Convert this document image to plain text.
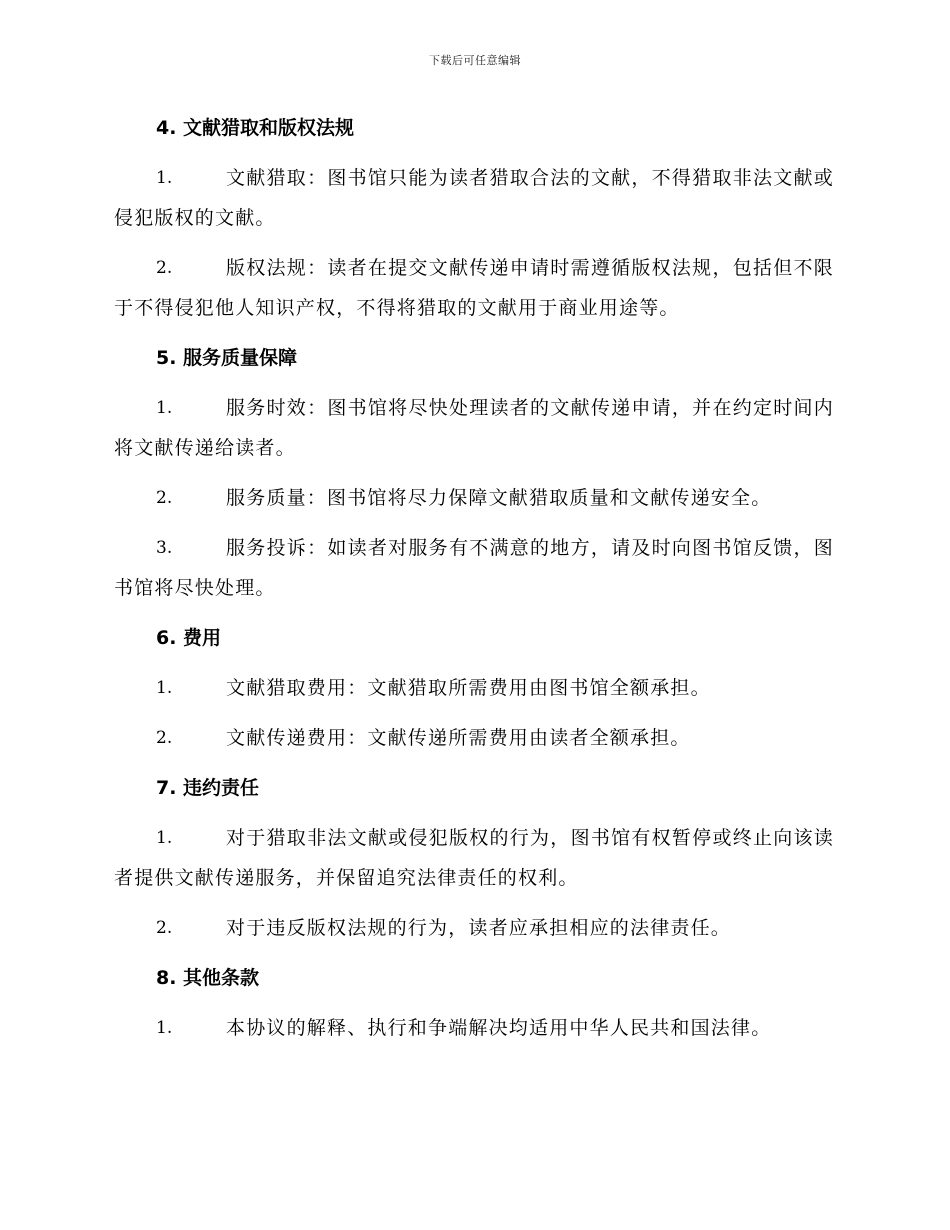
下载后可任意编辑
4. 文献猎取和版权法规
1.	文献猎取：图书馆只能为读者猎取合法的文献，不得猎取非法文献或侵犯版权的文献。
2.	版权法规：读者在提交文献传递申请时需遵循版权法规，包括但不限于不得侵犯他人知识产权，不得将猎取的文献用于商业用途等。
5. 服务质量保障
1.	服务时效：图书馆将尽快处理读者的文献传递申请，并在约定时间内将文献传递给读者。
2.	服务质量：图书馆将尽力保障文献猎取质量和文献传递安全。
3.	服务投诉：如读者对服务有不满意的地方，请及时向图书馆反馈，图书馆将尽快处理。
6. 费用
1.	文献猎取费用：文献猎取所需费用由图书馆全额承担。
2.	文献传递费用：文献传递所需费用由读者全额承担。
7. 违约责任
1.	对于猎取非法文献或侵犯版权的行为，图书馆有权暂停或终止向该读者提供文献传递服务，并保留追究法律责任的权利。
2.	对于违反版权法规的行为，读者应承担相应的法律责任。
8. 其他条款
1.	本协议的解释、执行和争端解决均适用中华人民共和国法律。
